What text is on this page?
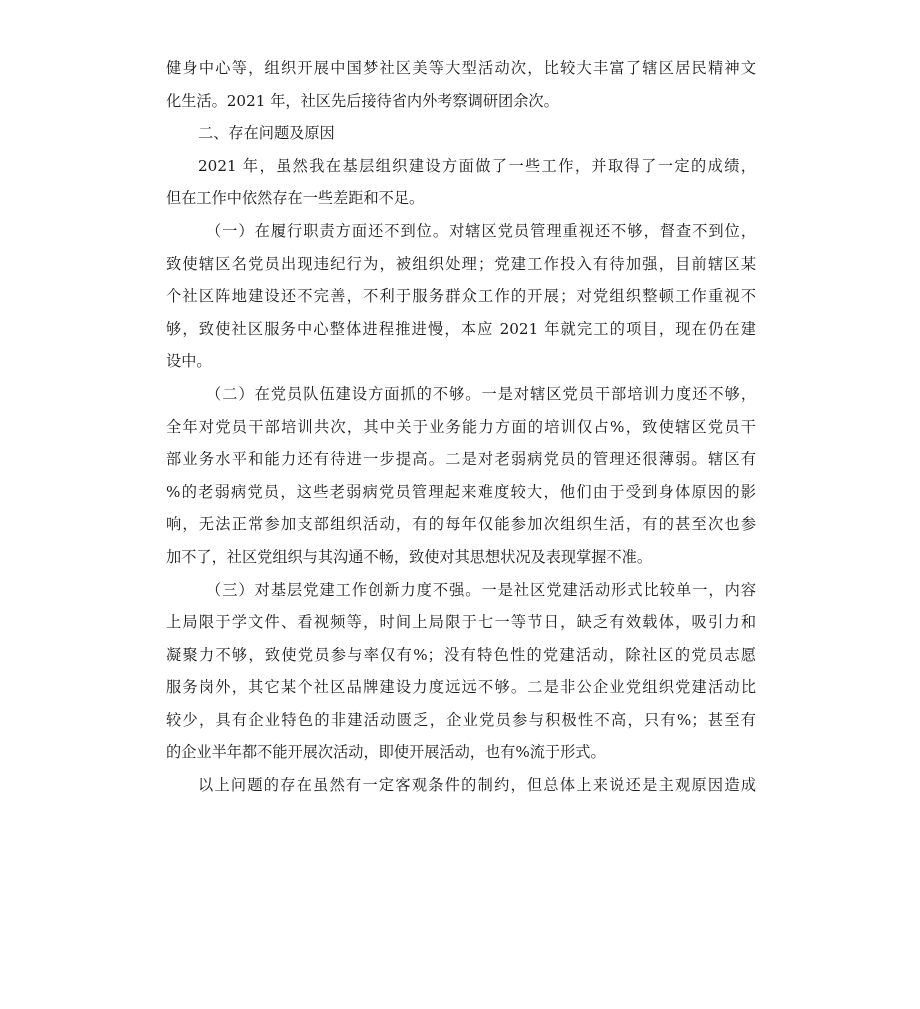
健身中心等，组织开展中国梦社区美等大型活动次，比较大丰富了辖区居民精神文
化生活。2021 年，社区先后接待省内外考察调研团余次。
二、存在问题及原因
2021 年，虽然我在基层组织建设方面做了一些工作，并取得了一定的成绩，
但在工作中依然存在一些差距和不足。
（一）在履行职责方面还不到位。对辖区党员管理重视还不够，督查不到位，
致使辖区名党员出现违纪行为，被组织处理；党建工作投入有待加强，目前辖区某
个社区阵地建设还不完善，不利于服务群众工作的开展；对党组织整顿工作重视不
够，致使社区服务中心整体进程推进慢，本应 2021 年就完工的项目，现在仍在建
设中。
（二）在党员队伍建设方面抓的不够。一是对辖区党员干部培训力度还不够，
全年对党员干部培训共次，其中关于业务能力方面的培训仅占%，致使辖区党员干
部业务水平和能力还有待进一步提高。二是对老弱病党员的管理还很薄弱。辖区有
%的老弱病党员，这些老弱病党员管理起来难度较大，他们由于受到身体原因的影
响，无法正常参加支部组织活动，有的每年仅能参加次组织生活，有的甚至次也参
加不了，社区党组织与其沟通不畅，致使对其思想状况及表现掌握不准。
（三）对基层党建工作创新力度不强。一是社区党建活动形式比较单一，内容
上局限于学文件、看视频等，时间上局限于七一等节日，缺乏有效载体，吸引力和
凝聚力不够，致使党员参与率仅有%；没有特色性的党建活动，除社区的党员志愿
服务岗外，其它某个社区品牌建设力度远远不够。二是非公企业党组织党建活动比
较少，具有企业特色的非建活动匮乏，企业党员参与积极性不高，只有%；甚至有
的企业半年都不能开展次活动，即使开展活动，也有%流于形式。
以上问题的存在虽然有一定客观条件的制约，但总体上来说还是主观原因造成
